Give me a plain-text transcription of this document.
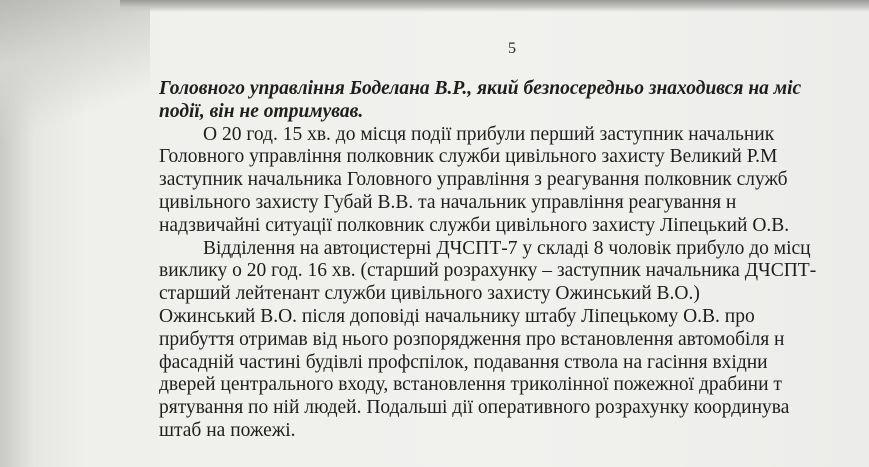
5
Головного управління Боделана В.Р., який безпосередньо знаходився на міс
події, він не отримував.
О 20 год. 15 хв. до місця події прибули перший заступник начальник
Головного управління полковник служби цивільного захисту Великий Р.М
заступник начальника Головного управління з реагування полковник служб
цивільного захисту Губай В.В. та начальник управління реагування н
надзвичайні ситуації полковник служби цивільного захисту Ліпецький О.В.
Відділення на автоцистерні ДЧСПТ-7 у складі 8 чоловік прибуло до місц
виклику о 20 год. 16 хв. (старший розрахунку – заступник начальника ДЧСПТ-
старший лейтенант служби цивільного захисту Ожинський В.О.)
Ожинський В.О. після доповіді начальнику штабу Ліпецькому О.В. про
прибуття отримав від нього розпорядження про встановлення автомобіля н
фасадній частині будівлі профспілок, подавання ствола на гасіння вхідни
дверей центрального входу, встановлення триколінної пожежної драбини т
рятування по ній людей. Подальші дії оперативного розрахунку координува
штаб на пожежі.
